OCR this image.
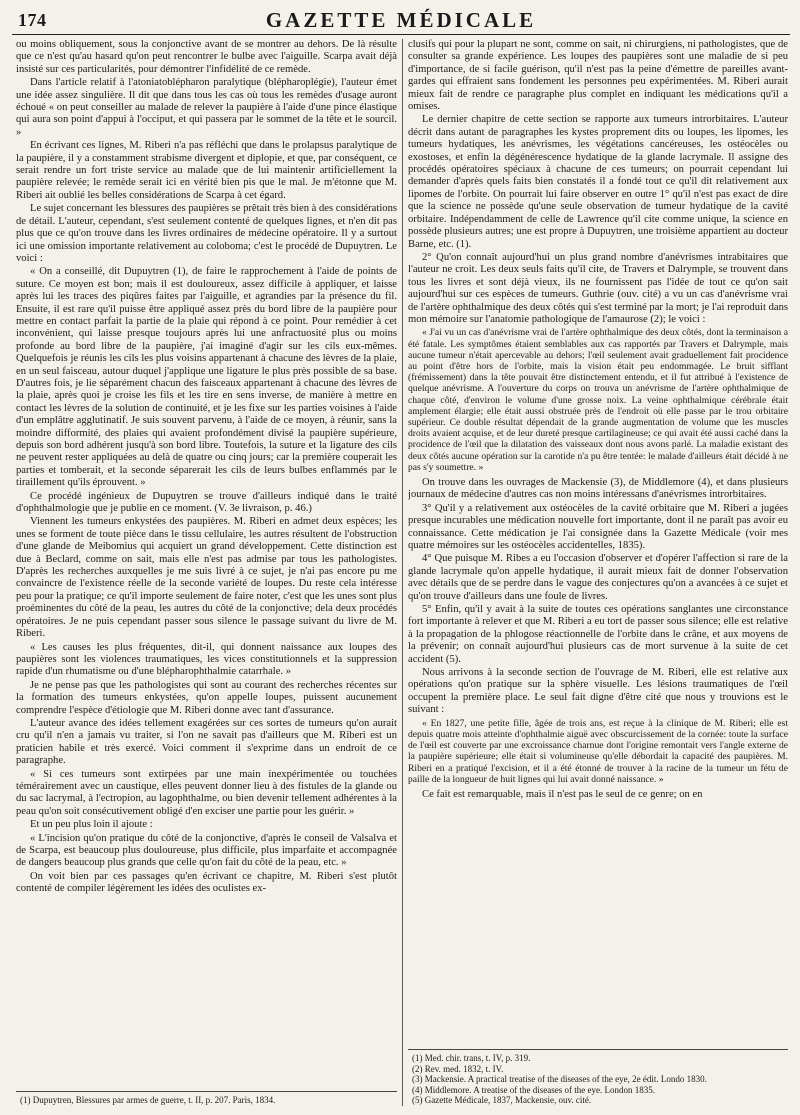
174	GAZETTE MÉDICALE

ou moins obliquement, sous la conjonctive avant de se montrer au dehors. De là résulte que ce n'est qu'au hasard qu'on peut rencontrer le bulbe avec l'aiguille. Scarpa avait déjà insisté sur ces particularités, pour démontrer l'infidélité de ce remède.

Dans l'article relatif à l'atoniatoblépharon paralytique (blépharoplégie), l'auteur émet une idée assez singulière. Il dit que dans tous les cas où tous les remèdes d'usage auront échoué « on peut conseiller au malade de relever la paupière à l'aide d'une pince élastique qui aura son point d'appui à l'occiput, et qui passera par le sommet de la tête et le sourcil. »

En écrivant ces lignes, M. Riberi n'a pas réfléchi que dans le prolapsus paralytique de la paupière, il y a constamment strabisme divergent et diplopie, et que, par conséquent, ce serait rendre un fort triste service au malade que de lui maintenir artificiellement la paupière relevée; le remède serait ici en vérité bien pis que le mal. Je m'étonne que M. Riberi ait oublié les belles considérations de Scarpa à cet égard.

Le sujet concernant les blessures des paupières se prêtait très bien à des considérations de détail. L'auteur, cependant, s'est seulement contenté de quelques lignes, et n'en dit pas plus que ce qu'on trouve dans les livres ordinaires de médecine opératoire. Il y a surtout ici une omission importante relativement au coloboma; c'est le procédé de Dupuytren. Le voici :

« On a conseillé, dit Dupuytren (1), de faire le rapprochement à l'aide de points de suture. Ce moyen est bon; mais il est douloureux, assez difficile à appliquer, et laisse après lui les traces des piqûres faites par l'aiguille, et agrandies par la présence du fil. Ensuite, il est rare qu'il puisse être appliqué assez près du bord libre de la paupière pour mettre en contact parfait la partie de la plaie qui répond à ce point. Pour remédier à cet inconvénient, qui laisse presque toujours après lui une anfractuosité plus ou moins profonde au bord libre de la paupière, j'ai imaginé d'agir sur les cils eux-mêmes. Quelquefois je réunis les cils les plus voisins appartenant à chacune des lèvres de la plaie, en un seul faisceau, autour duquel j'applique une ligature le plus près possible de sa base. D'autres fois, je lie séparément chacun des faisceaux appartenant à chacune des lèvres de la plaie, après quoi je croise les fils et les tire en sens inverse, de manière à mettre en contact les lèvres de la solution de continuité, et je les fixe sur les parties voisines à l'aide d'un emplâtre agglutinatif. Je suis souvent parvenu, à l'aide de ce moyen, à réunir, sans la moindre difformité, des plaies qui avaient profondément divisé la paupière supérieure, depuis son bord adhérent jusqu'à son bord libre. Toutefois, la suture et la ligature des cils ne peuvent rester appliquées au delà de quatre ou cinq jours; car la première couperait les parties et tomberait, et la seconde séparerait les cils de leurs bulbes enflammés par le tiraillement qu'ils éprouvent. »

Ce procédé ingénieux de Dupuytren se trouve d'ailleurs indiqué dans le traité d'ophthalmologie que je publie en ce moment. (V. 3e livraison, p. 46.)

Viennent les tumeurs enkystées des paupières. M. Riberi en admet deux espèces; les unes se forment de toute pièce dans le tissu cellulaire, les autres résultent de l'obstruction d'une glande de Meibomius qui acquiert un grand développement. Cette distinction est due à Beclard, comme on sait, mais elle n'est pas admise par tous les pathologistes. D'après les recherches auxquelles je me suis livré à ce sujet, je n'ai pas encore pu me convaincre de l'existence réelle de la seconde variété de loupes. Du reste cela intéresse peu pour la pratique; ce qu'il importe seulement de faire noter, c'est que les unes sont plus proéminentes du côté de la peau, les autres du côté de la conjonctive; dela deux procédés opératoires. Je ne puis cependant passer sous silence le passage suivant du livre de M. Riberi.

« Les causes les plus fréquentes, dit-il, qui donnent naissance aux loupes des paupières sont les violences traumatiques, les vices constitutionnels et la suppression rapide d'un rhumatisme ou d'une blépharophthalmie catarrhale. »

Je ne pense pas que les pathologistes qui sont au courant des recherches récentes sur la formation des tumeurs enkystées, qu'on appelle loupes, puissent aucunement comprendre l'espèce d'étiologie que M. Riberi donne avec tant d'assurance.

L'auteur avance des idées tellement exagérées sur ces sortes de tumeurs qu'on aurait cru qu'il n'en a jamais vu traiter, si l'on ne savait pas d'ailleurs que M. Riberi est un praticien habile et très exercé. Voici comment il s'exprime dans un endroit de ce paragraphe.

« Si ces tumeurs sont extirpées par une main inexpérimentée ou touchées témérairement avec un caustique, elles peuvent donner lieu à des fistules de la glande ou du sac lacrymal, à l'ectropion, au lagophthalme, ou bien devenir tellement adhérentes à la peau qu'on soit consécutivement obligé d'en exciser une partie pour les guérir. »

Et un peu plus loin il ajoute :

« L'incision qu'on pratique du côté de la conjonctive, d'après le conseil de Valsalva et de Scarpa, est beaucoup plus douloureuse, plus difficile, plus imparfaite et accompagnée de dangers beaucoup plus grands que celle qu'on fait du côté de la peau, etc. »

On voit bien par ces passages qu'en écrivant ce chapitre, M. Riberi s'est plutôt contenté de compiler légèrement les idées des oculistes ex-

(1) Dupuytren, Blessures par armes de guerre, t. II, p. 207. Paris, 1834.

clusifs qui pour la plupart ne sont, comme on sait, ni chirurgiens, ni pathologistes, que de consulter sa grande expérience. Les loupes des paupières sont une maladie de si peu d'importance, de si facile guérison, qu'il n'est pas la peine d'émettre de pareilles avant-gardes qui effraient sans fondement les personnes peu expérimentées. M. Riberi aurait mieux fait de rendre ce paragraphe plus complet en indiquant les médications qu'il a omises.

Le dernier chapitre de cette section se rapporte aux tumeurs introrbitaires. L'auteur décrit dans autant de paragraphes les kystes proprement dits ou loupes, les lipomes, les tumeurs hydatiques, les anévrismes, les végétations cancéreuses, les ostéocèles ou exostoses, et enfin la dégénérescence hydatique de la glande lacrymale. Il assigne des procédés opératoires spéciaux à chacune de ces tumeurs; on pourrait cependant lui demander d'après quels faits bien constatés il a fondé tout ce qu'il dit relativement aux lipomes de l'orbite. On pourrait lui faire observer en outre 1° qu'il n'est pas exact de dire que la science ne possède qu'une seule observation de tumeur hydatique de la cavité orbitaire. Indépendamment de celle de Lawrence qu'il cite comme unique, la science en possède plusieurs autres; une est propre à Dupuytren, une troisième appartient au docteur Barne, etc. (1).

2° Qu'on connaît aujourd'hui un plus grand nombre d'anévrismes intrabitaires que l'auteur ne croit. Les deux seuls faits qu'il cite, de Travers et Dalrymple, se trouvent dans tous les livres et sont déjà vieux, ils ne fournissent pas l'idée de tout ce qu'on sait aujourd'hui sur ces espèces de tumeurs. Guthrie (ouv. cité) a vu un cas d'anévrisme vrai de l'artère ophthalmique des deux côtés qui s'est terminé par la mort; je l'ai reproduit dans mon mémoire sur l'anatomie pathologique de l'amaurose (2); le voici :

« J'ai vu un cas d'anévrisme vrai de l'artère ophthalmique des deux côtés, dont la terminaison a été fatale. Les symptômes étaient semblables aux cas rapportés par Travers et Dalrymple, mais aucune tumeur n'était apercevable au dehors; l'œil seulement avait graduellement fait procidence au point d'être hors de l'orbite, mais la vision était peu endommagée. Le bruit sifflant (frémissement) dans la tête pouvait être distinctement entendu, et il fut attribué à l'existence de quelque anévrisme. A l'ouverture du corps on trouva un anévrisme de l'artère ophthalmique de chaque côté, d'environ le volume d'une grosse noix. La veine ophthalmique cérébrale était amplement élargie; elle était aussi obstruée près de l'endroit où elle passe par le trou orbitaire supérieur. Ce double résultat dépendait de la grande augmentation de volume que les muscles droits avaient acquise, et de leur dureté presque cartilagineuse; ce qui avait été aussi caché dans la procidence de l'œil que la dilatation des vaisseaux dont nous avons parlé. La maladie existant des deux côtés aucune opération sur la carotide n'a pu être tentée: le malade d'ailleurs était décidé à ne pas s'y soumettre. »

On trouve dans les ouvrages de Mackensie (3), de Middlemore (4), et dans plusieurs journaux de médecine d'autres cas non moins intéressans d'anévrismes introrbitaires.

3° Qu'il y a relativement aux ostéocèles de la cavité orbitaire que M. Riberi a jugées presque incurables une médication nouvelle fort importante, dont il ne paraît pas avoir eu connaissance. Cette médication je l'ai consignée dans la Gazette Médicale (voir mes quatre mémoires sur les ostéocèles accidentelles, 1835).

4° Que puisque M. Ribes a eu l'occasion d'observer et d'opérer l'affection si rare de la glande lacrymale qu'on appelle hydatique, il aurait mieux fait de donner l'observation avec détails que de se perdre dans le vague des conjectures qu'on a avancées à ce sujet et qu'on trouve d'ailleurs dans une foule de livres.

5° Enfin, qu'il y avait à la suite de toutes ces opérations sanglantes une circonstance fort importante à relever et que M. Riberi a eu tort de passer sous silence; elle est relative à la propagation de la phlogose réactionnelle de l'orbite dans le crâne, et aux moyens de la prévenir; on connaît aujourd'hui plusieurs cas de mort survenue à la suite de cet accident (5).

Nous arrivons à la seconde section de l'ouvrage de M. Riberi, elle est relative aux opérations qu'on pratique sur la sphère visuelle. Les lésions traumatiques de l'œil occupent la première place. Le seul fait digne d'être cité que nous y trouvions est le suivant :

« En 1827, une petite fille, âgée de trois ans, est reçue à la clinique de M. Riberi; elle est depuis quatre mois atteinte d'ophthalmie aiguë avec obscurcissement de la cornée: toute la surface de l'œil est couverte par une excroissance charnue dont l'origine remontait vers l'angle externe de la paupière supérieure; elle était si volumineuse qu'elle débordait la capacité des paupières. M. Riberi en a pratiqué l'excision, et il a été étonné de trouver à la racine de la tumeur un fétu de paille de la longueur de huit lignes qui lui avait donné naissance. »

Ce fait est remarquable, mais il n'est pas le seul de ce genre; on en

(1) Med. chir. trans, t. IV, p. 319.
(2) Rev. med. 1832, t. IV.
(3) Mackensie. A practical treatise of the diseases of the eye, 2e édit. Londo 1830.
(4) Middlemore. A treatise of the diseases of the eye. London 1835.
(5) Gazette Médicale, 1837, Mackensie, ouv. cité.
